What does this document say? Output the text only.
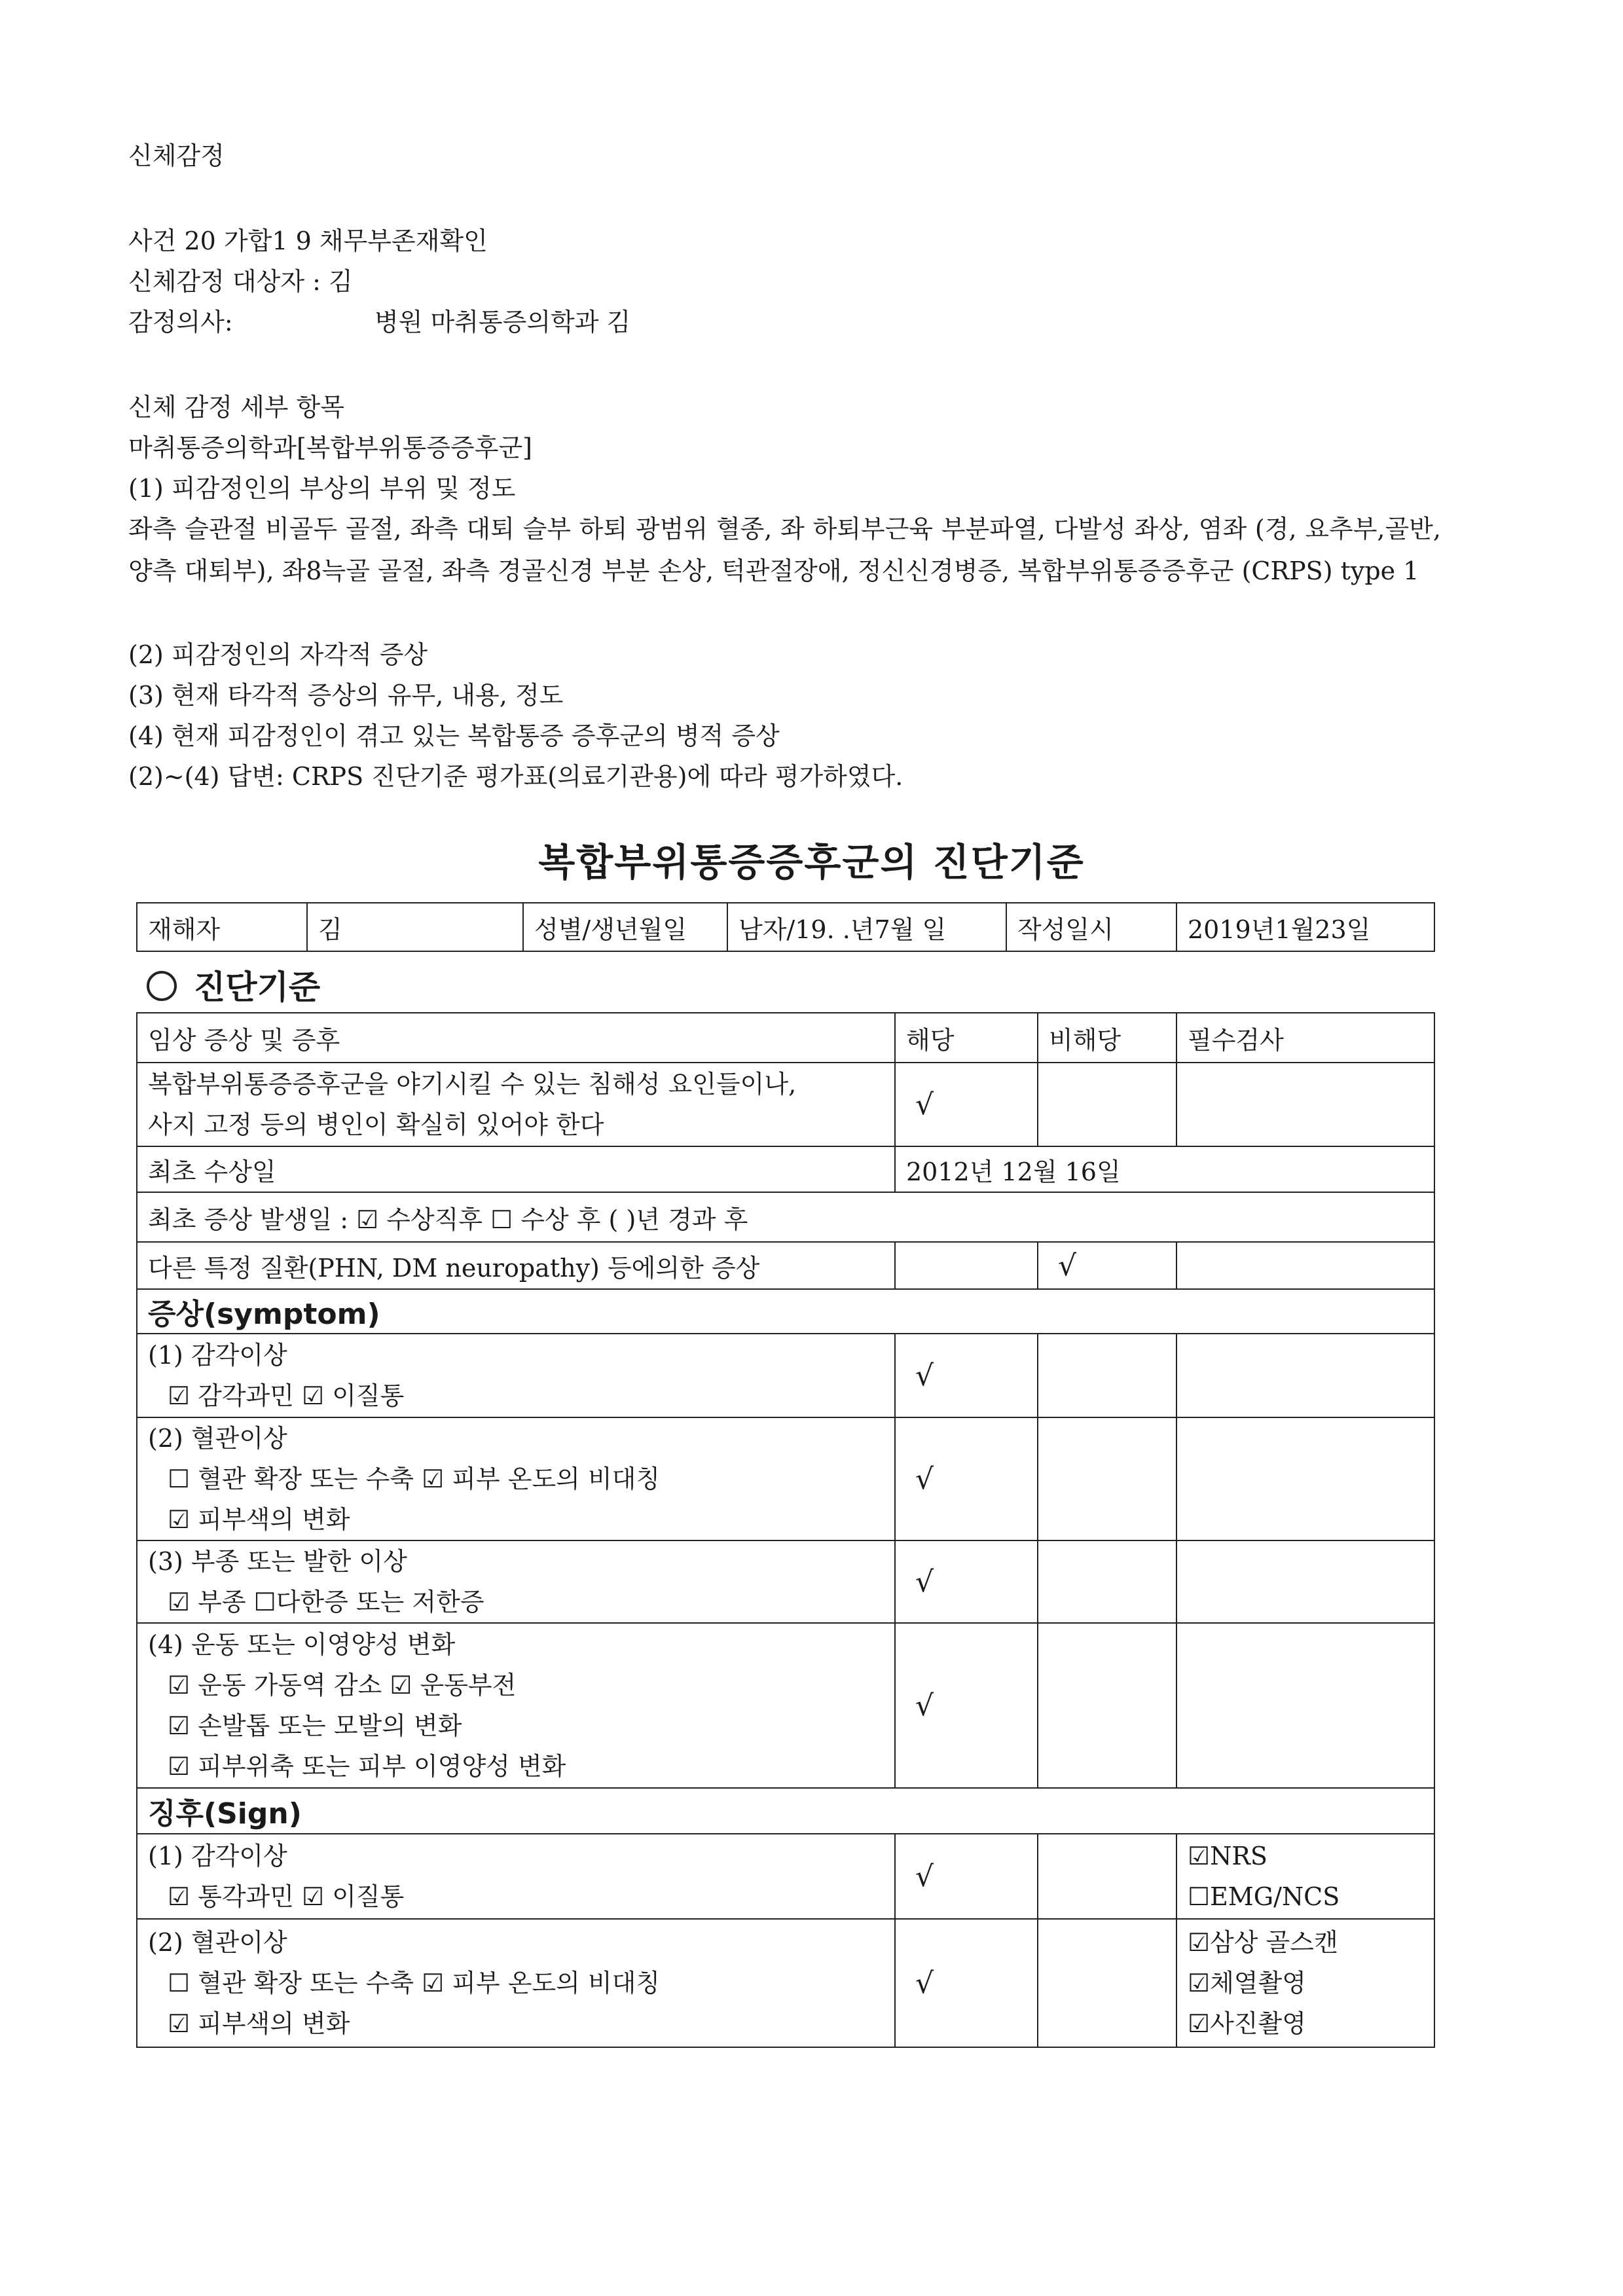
신체감정
사건 20 가합1 9 채무부존재확인
신체감정 대상자 : 김
감정의사:	병원 마취통증의학과 김
신체 감정 세부 항목
마취통증의학과[복합부위통증증후군]
(1) 피감정인의 부상의 부위 및 정도
좌측 슬관절 비골두 골절, 좌측 대퇴 슬부 하퇴 광범위 혈종, 좌 하퇴부근육 부분파열, 다발성 좌상, 염좌 (경, 요추부,골반,양측 대퇴부), 좌8늑골 골절, 좌측 경골신경 부분 손상, 턱관절장애, 정신신경병증, 복합부위통증증후군 (CRPS) type 1
(2) 피감정인의 자각적 증상
(3) 현재 타각적 증상의 유무, 내용, 정도
(4) 현재 피감정인이 겪고 있는 복합통증 증후군의 병적 증상
(2)~(4) 답변: CRPS 진단기준 평가표(의료기관용)에 따라 평가하였다.
복합부위통증증후군의 진단기준
재해자	김	성별/생년월일	남자/19. .년7월 일	작성일시	2019년1월23일
진단기준
임상 증상 및 증후	해당	비해당	필수검사

복합부위통증증후군을 야기시킬 수 있는 침해성 요인들이나,
사지 고정 등의 병인이 확실히 있어야 한다	√		
최초 수상일	2012년 12월 16일		
최초 증상 발생일 : ☑ 수상직후 ☐ 수상 후 ( )년 경과 후			
다른 특정 질환(PHN, DM neuropathy) 등에의한 증상		√	
증상(symptom)			

(1) 감각이상
☑ 감각과민 ☑ 이질통	√		

(2) 혈관이상
☐ 혈관 확장 또는 수축 ☑ 피부 온도의 비대칭
☑ 피부색의 변화	√		

(3) 부종 또는 발한 이상
☑ 부종 ☐다한증 또는 저한증	√		

(4) 운동 또는 이영양성 변화
☑ 운동 가동역 감소 ☑ 운동부전
☑ 손발톱 또는 모발의 변화
☑ 피부위축 또는 피부 이영양성 변화	√		
징후(Sign)			

(1) 감각이상
☑ 통각과민 ☑ 이질통	√		☑NRS
☐EMG/NCS

(2) 혈관이상
☐ 혈관 확장 또는 수축 ☑ 피부 온도의 비대칭
☑ 피부색의 변화	√		☑삼상 골스캔
☑체열촬영
☑사진촬영
